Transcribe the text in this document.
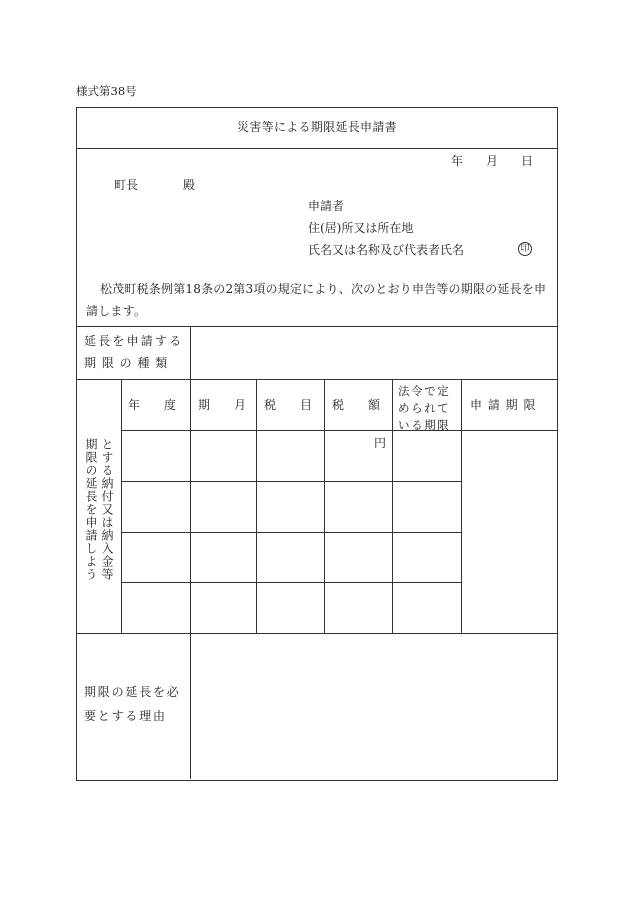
様式第38号
災害等による期限延長申請書
年 月 日
町長	殿
申請者
住(居)所又は所在地
氏名又は名称及び代表者氏名	印
松茂町税条例第18条の2第3項の規定により、次のとおり申告等の期限の延長を申請します。
延長を申請する
期 限 の 種 類
年　　度 期　　月 税　　目 税　　額
法令で定
められて
いる期限
申 請 期 限
円
とする納付又は納入金等
期限の延長を申請しよう
期限の延長を必
要とする理由
